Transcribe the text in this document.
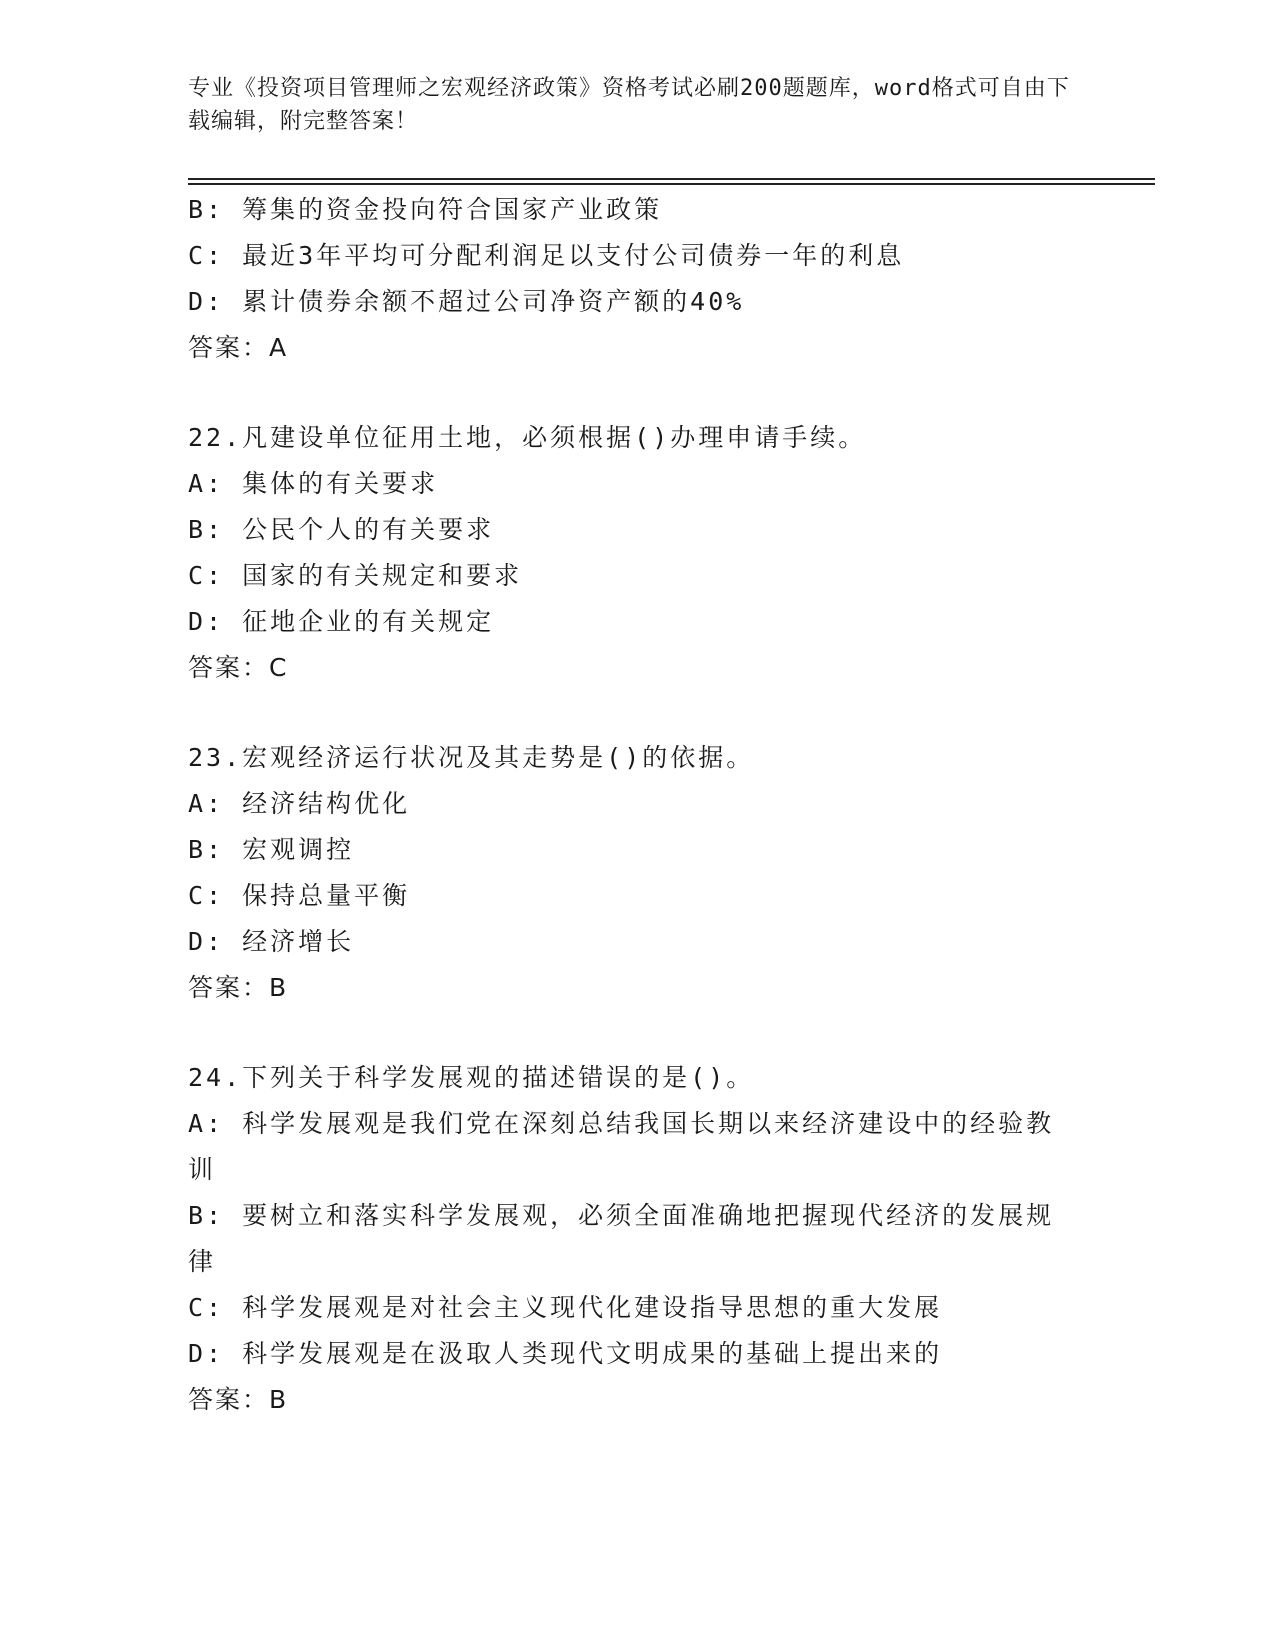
专业《投资项目管理师之宏观经济政策》资格考试必刷200题题库，word格式可自由下载编辑，附完整答案！
B: 筹集的资金投向符合国家产业政策
C: 最近3年平均可分配利润足以支付公司债券一年的利息
D: 累计债券余额不超过公司净资产额的40%
答案：A
22.凡建设单位征用土地，必须根据()办理申请手续。
A: 集体的有关要求
B: 公民个人的有关要求
C: 国家的有关规定和要求
D: 征地企业的有关规定
答案：C
23.宏观经济运行状况及其走势是()的依据。
A: 经济结构优化
B: 宏观调控
C: 保持总量平衡
D: 经济增长
答案：B
24.下列关于科学发展观的描述错误的是()。
A: 科学发展观是我们党在深刻总结我国长期以来经济建设中的经验教训
B: 要树立和落实科学发展观，必须全面准确地把握现代经济的发展规律
C: 科学发展观是对社会主义现代化建设指导思想的重大发展
D: 科学发展观是在汲取人类现代文明成果的基础上提出来的
答案：B
